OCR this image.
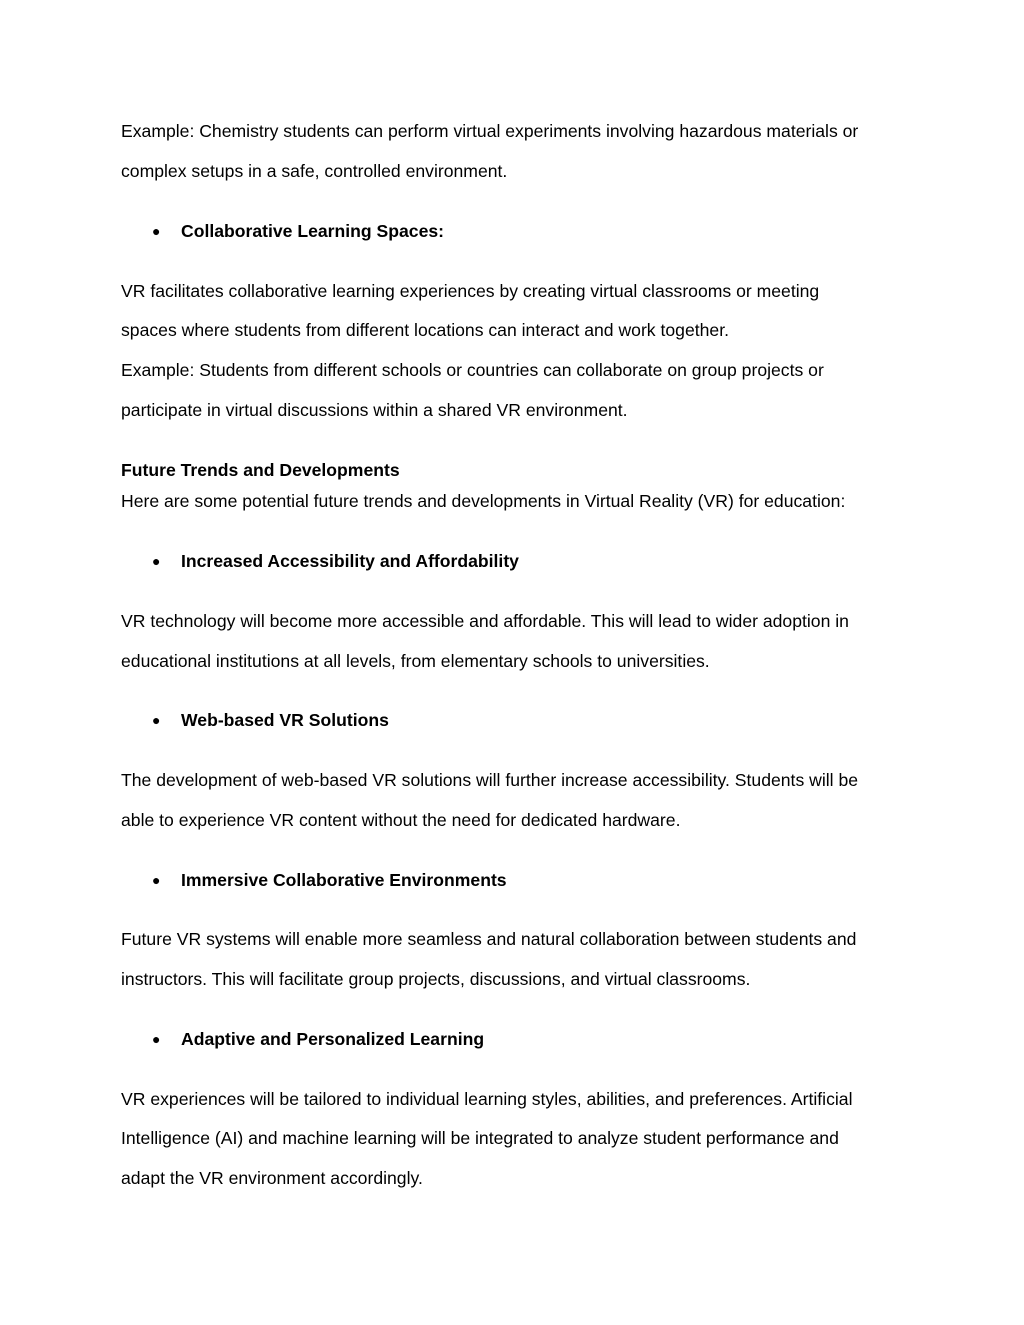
Example: Chemistry students can perform virtual experiments involving hazardous materials or
complex setups in a safe, controlled environment.
● Collaborative Learning Spaces:
VR facilitates collaborative learning experiences by creating virtual classrooms or meeting
spaces where students from different locations can interact and work together.
Example: Students from different schools or countries can collaborate on group projects or
participate in virtual discussions within a shared VR environment.
Future Trends and Developments
Here are some potential future trends and developments in Virtual Reality (VR) for education:
● Increased Accessibility and Affordability
VR technology will become more accessible and affordable. This will lead to wider adoption in
educational institutions at all levels, from elementary schools to universities.
● Web-based VR Solutions
The development of web-based VR solutions will further increase accessibility. Students will be
able to experience VR content without the need for dedicated hardware.
● Immersive Collaborative Environments
Future VR systems will enable more seamless and natural collaboration between students and
instructors. This will facilitate group projects, discussions, and virtual classrooms.
● Adaptive and Personalized Learning
VR experiences will be tailored to individual learning styles, abilities, and preferences. Artificial
Intelligence (AI) and machine learning will be integrated to analyze student performance and
adapt the VR environment accordingly.
